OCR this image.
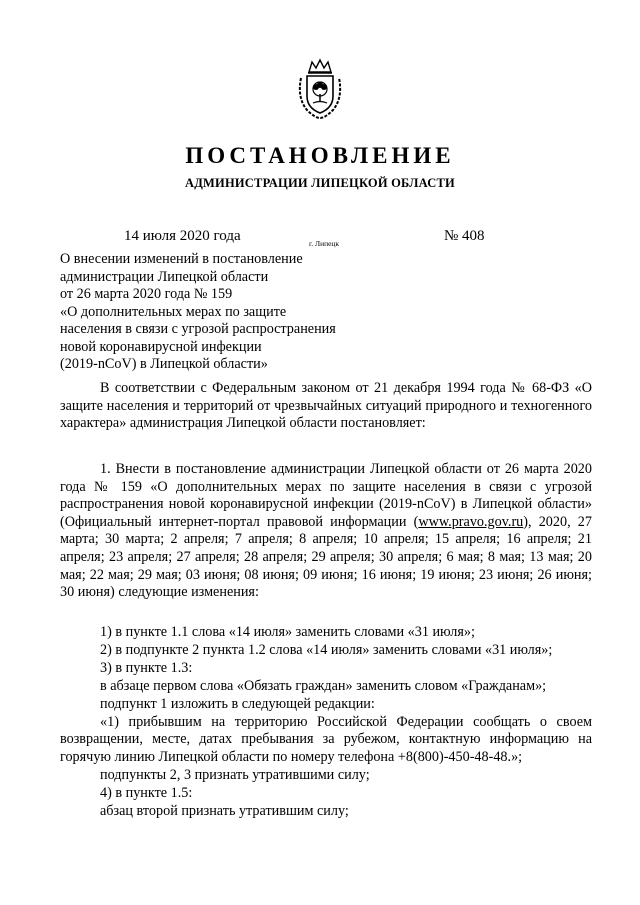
ПОСТАНОВЛЕНИЕ
АДМИНИСТРАЦИИ ЛИПЕЦКОЙ ОБЛАСТИ
14 июля 2020 года	г. Липецк	№ 408
О внесении изменений в постановление
администрации Липецкой области
от 26 марта 2020 года № 159
«О дополнительных мерах по защите
населения в связи с угрозой распространения
новой коронавирусной инфекции
(2019-nCoV) в Липецкой области»

В соответствии с Федеральным законом от 21 декабря 1994 года № 68-ФЗ «О защите населения и территорий от чрезвычайных ситуаций природного и техногенного характера» администрация Липецкой области постановляет:

1. Внести в постановление администрации Липецкой области от 26 марта 2020 года № 159 «О дополнительных мерах по защите населения в связи с угрозой распространения новой коронавирусной инфекции (2019-nCoV) в Липецкой области» (Официальный интернет-портал правовой информации (www.pravo.gov.ru), 2020, 27 марта; 30 марта; 2 апреля; 7 апреля; 8 апреля; 10 апреля; 15 апреля; 16 апреля; 21 апреля; 23 апреля; 27 апреля; 28 апреля; 29 апреля; 30 апреля; 6 мая; 8 мая; 13 мая; 20 мая; 22 мая; 29 мая; 03 июня; 08 июня; 09 июня; 16 июня; 19 июня; 23 июня; 26 июня; 30 июня) следующие изменения:

1) в пункте 1.1 слова «14 июля» заменить словами «31 июля»;
2) в подпункте 2 пункта 1.2 слова «14 июля» заменить словами «31 июля»;
3) в пункте 1.3:
в абзаце первом слова «Обязать граждан» заменить словом «Гражданам»;
подпункт 1 изложить в следующей редакции:
«1) прибывшим на территорию Российской Федерации сообщать о своем возвращении, месте, датах пребывания за рубежом, контактную информацию на горячую линию Липецкой области по номеру телефона +8(800)-450-48-48.»;
подпункты 2, 3 признать утратившими силу;
4) в пункте 1.5:
абзац второй признать утратившим силу;
